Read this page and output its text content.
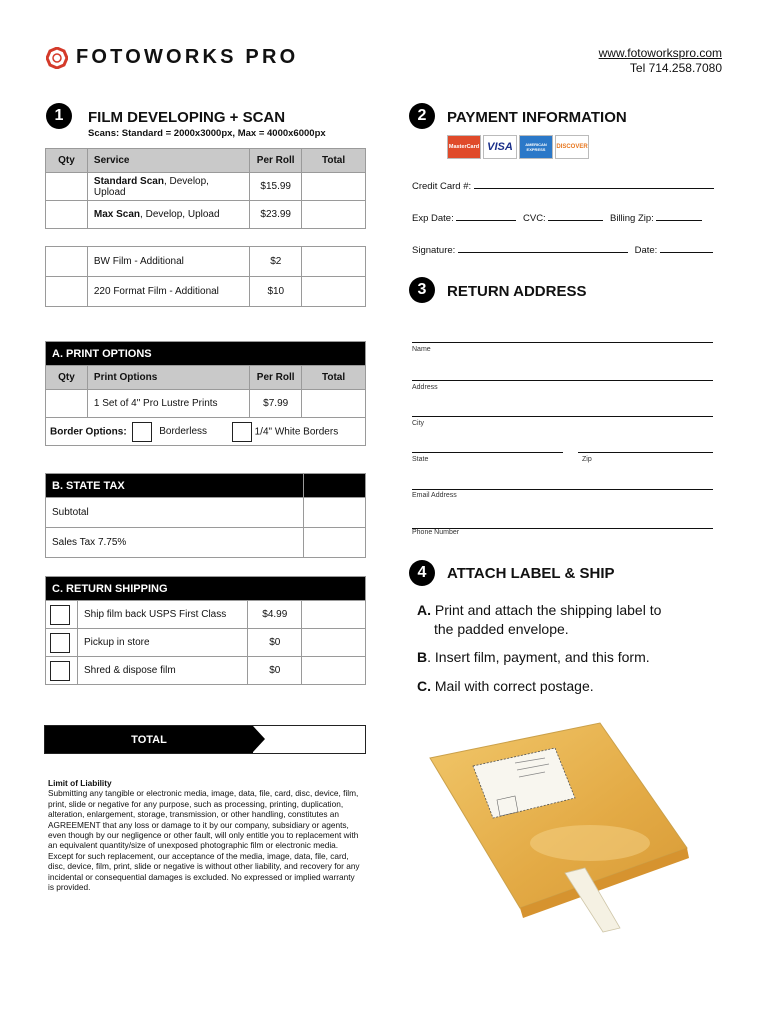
FOTOWORKS PRO	www.fotoworkspro.com
Tel 714.258.7080
1	FILM DEVELOPING + SCAN
Scans: Standard = 2000x3000px, Max = 4000x6000px
Qty	Service	Per Roll	Total
	Standard Scan, Develop, Upload	$15.99	
	Max Scan, Develop, Upload	$23.99	
	BW Film - Additional	$2	
	220 Format Film - Additional	$10	
A. PRINT OPTIONS			
Qty	Print Options	Per Roll	Total
	1 Set of 4" Pro Lustre Prints	$7.99	
Border Options: Borderless 1/4" White Borders			
B. STATE TAX	
Subtotal	
Sales Tax 7.75%	
C. RETURN SHIPPING			
	Ship film back USPS First Class	$4.99	
	Pickup in store	$0	
	Shred & dispose film	$0	
TOTAL
Limit of Liability
Submitting any tangible or electronic media, image, data, file, card, disc, device, film, print, slide or negative for any purpose, such as processing, printing, duplication, alteration, enlargement, storage, transmission, or other handling, constitutes an AGREEMENT that any loss or damage to it by our company, subsidiary or agents, even though by our negligence or other fault, will only entitle you to replacement with an equivalent quantity/size of unexposed photographic film or electronic media. Except for such replacement, our acceptance of the media, image, data, file, card, disc, device, film, print, slide or negative is without other liability, and recovery for any incidental or consequential damages is excluded. No expressed or implied warranty is provided.
2	PAYMENT INFORMATION
MasterCard VISA	AMERICAN EXPRESS	DISCOVER
Credit Card #:
Exp Date:	CVC:	Billing Zip:
Signature:	Date:
3	RETURN ADDRESS
Name
Address
City
State	Zip
Email Address
Phone Number
4	ATTACH LABEL & SHIP
A. Print and attach the shipping label to
the padded envelope.
B. Insert film, payment, and this form.
C. Mail with correct postage.
